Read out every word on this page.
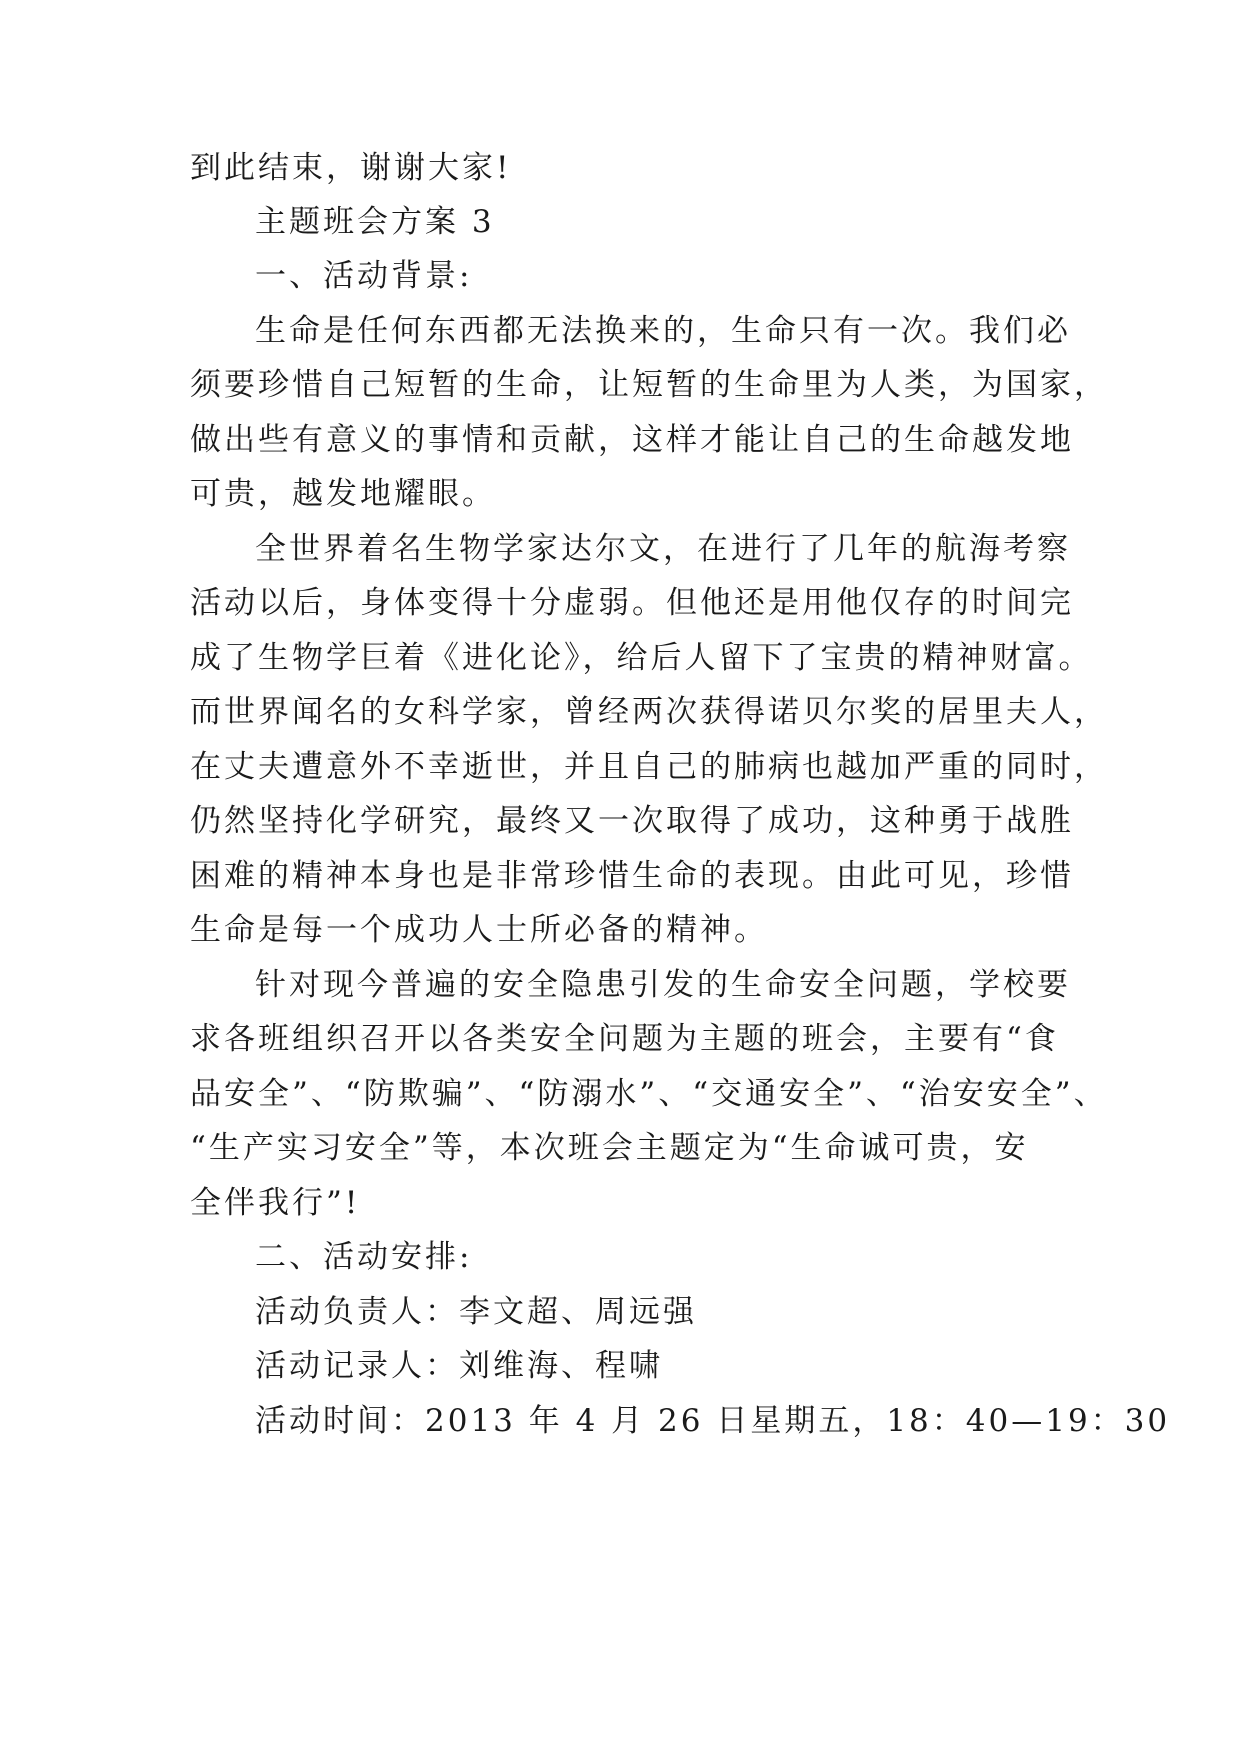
到此结束，谢谢大家!
主题班会方案 3
一、活动背景:
生命是任何东西都无法换来的，生命只有一次。我们必
须要珍惜自己短暂的生命，让短暂的生命里为人类，为国家，
做出些有意义的事情和贡献，这样才能让自己的生命越发地
可贵，越发地耀眼。
全世界着名生物学家达尔文，在进行了几年的航海考察
活动以后，身体变得十分虚弱。但他还是用他仅存的时间完
成了生物学巨着《进化论》，给后人留下了宝贵的精神财富。
而世界闻名的女科学家，曾经两次获得诺贝尔奖的居里夫人，
在丈夫遭意外不幸逝世，并且自己的肺病也越加严重的同时，
仍然坚持化学研究，最终又一次取得了成功，这种勇于战胜
困难的精神本身也是非常珍惜生命的表现。由此可见，珍惜
生命是每一个成功人士所必备的精神。
针对现今普遍的安全隐患引发的生命安全问题，学校要
求各班组织召开以各类安全问题为主题的班会，主要有“食
品安全”、“防欺骗”、“防溺水”、“交通安全”、“治安安全”、
“生产实习安全”等，本次班会主题定为“生命诚可贵，安
全伴我行”!
二、活动安排:
活动负责人：李文超、周远强
活动记录人：刘维海、程啸
活动时间：2013 年 4 月 26 日星期五，18：40—19：30
